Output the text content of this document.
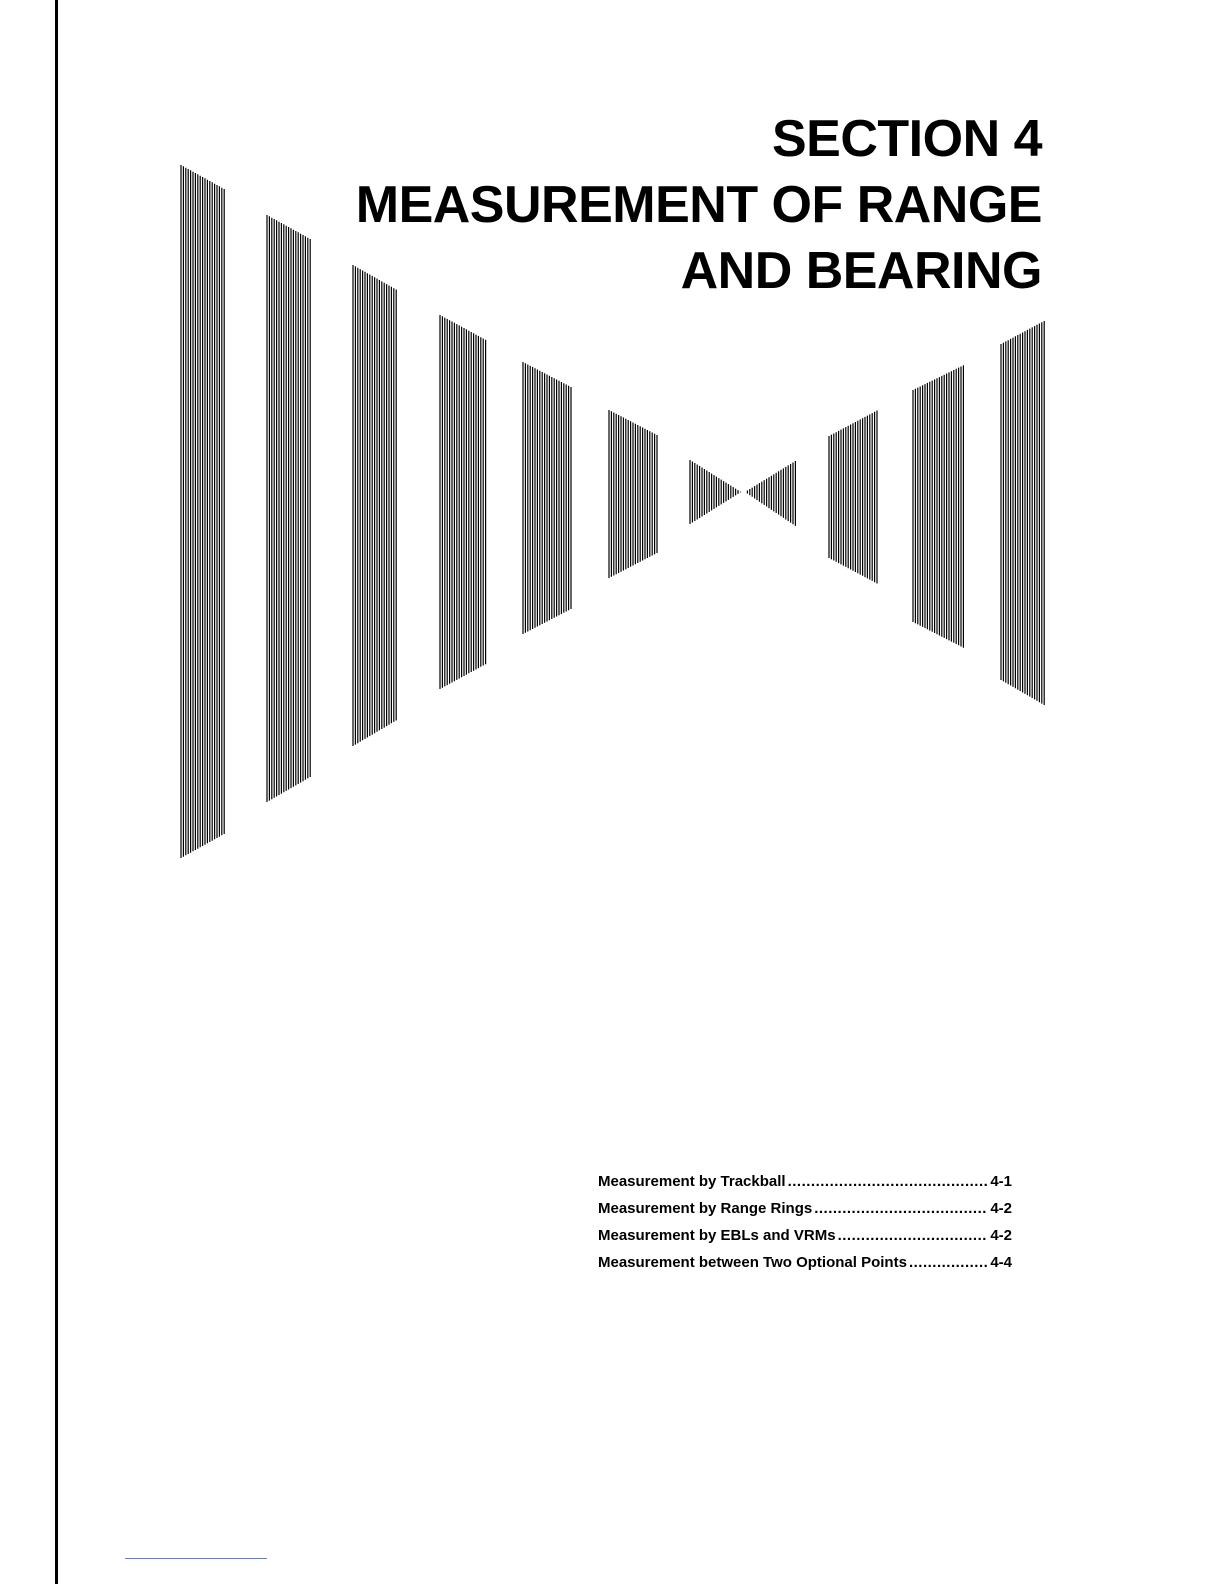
SECTION 4
MEASUREMENT OF RANGE
AND BEARING
Measurement by Trackball .....	4-1
Measurement by Range Rings .....	4-2
Measurement by EBLs and VRMs .....	4-2
Measurement between Two Optional Points .....	4-4
